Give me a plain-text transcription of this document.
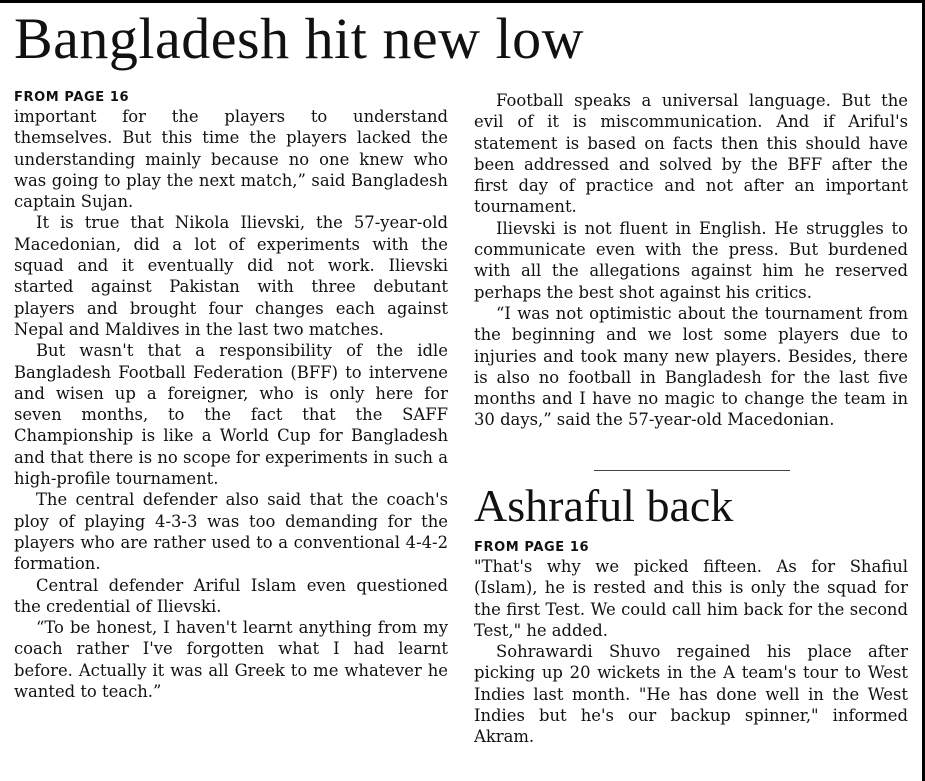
Bangladesh hit new low
FROM PAGE 16

important for the players to understand themselves. But this time the players lacked the understanding mainly because no one knew who was going to play the next match,” said Bangladesh captain Sujan.

It is true that Nikola Ilievski, the 57-year-old Macedonian, did a lot of experiments with the squad and it eventually did not work. Ilievski started against Pakistan with three debutant players and brought four changes each against Nepal and Maldives in the last two matches.

But wasn't that a responsibility of the idle Bangladesh Football Federation (BFF) to intervene and wisen up a foreigner, who is only here for seven months, to the fact that the SAFF Championship is like a World Cup for Bangladesh and that there is no scope for experiments in such a high-profile tournament.

The central defender also said that the coach's ploy of playing 4-3-3 was too demanding for the players who are rather used to a conventional 4-4-2 formation.

Central defender Ariful Islam even questioned the credential of Ilievski.

“To be honest, I haven't learnt anything from my coach rather I've forgotten what I had learnt before. Actually it was all Greek to me whatever he wanted to teach.”

Football speaks a universal language. But the evil of it is miscommunication. And if Ariful's statement is based on facts then this should have been addressed and solved by the BFF after the first day of practice and not after an important tournament.

Ilievski is not fluent in English. He struggles to communicate even with the press. But burdened with all the allegations against him he reserved perhaps the best shot against his critics.

“I was not optimistic about the tournament from the beginning and we lost some players due to injuries and took many new players. Besides, there is also no football in Bangladesh for the last five months and I have no magic to change the team in 30 days,” said the 57-year-old Macedonian.

Ashraful back
FROM PAGE 16

"That's why we picked fifteen. As for Shafiul (Islam), he is rested and this is only the squad for the first Test. We could call him back for the second Test," he added.

Sohrawardi Shuvo regained his place after picking up 20 wickets in the A team's tour to West Indies last month. "He has done well in the West Indies but he's our backup spinner," informed Akram.
